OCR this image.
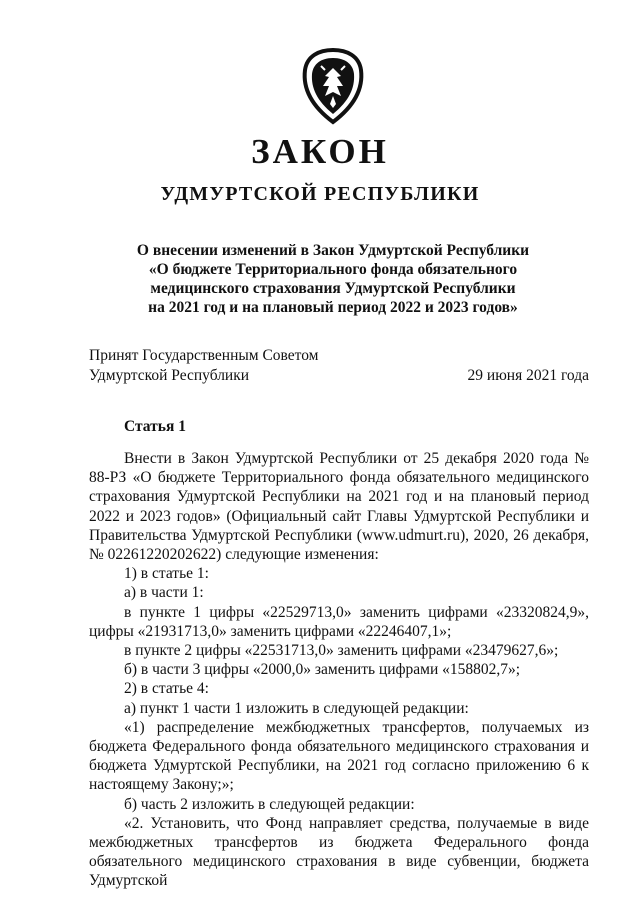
ЗАКОН
УДМУРТСКОЙ РЕСПУБЛИКИ
О внесении изменений в Закон Удмуртской Республики
«О бюджете Территориального фонда обязательного
медицинского страхования Удмуртской Республики
на 2021 год и на плановый период 2022 и 2023 годов»
Принят Государственным Советом
Удмуртской Республики	29 июня 2021 года
Статья 1

Внести в Закон Удмуртской Республики от 25 декабря 2020 года № 88-РЗ «О бюджете Территориального фонда обязательного медицинского страхования Удмуртской Республики на 2021 год и на плановый период 2022 и 2023 годов» (Официальный сайт Главы Удмуртской Республики и Правительства Удмуртской Республики (www.udmurt.ru), 2020, 26 декабря, № 02261220202622) следующие изменения:

1) в статье 1:

а) в части 1:

в пункте 1 цифры «22529713,0» заменить цифрами «23320824,9», цифры «21931713,0» заменить цифрами «22246407,1»;

в пункте 2 цифры «22531713,0» заменить цифрами «23479627,6»;

б) в части 3 цифры «2000,0» заменить цифрами «158802,7»;

2) в статье 4:

а) пункт 1 части 1 изложить в следующей редакции:

«1) распределение межбюджетных трансфертов, получаемых из бюджета Федерального фонда обязательного медицинского страхования и бюджета Удмуртской Республики, на 2021 год согласно приложению 6 к настоящему Закону;»;

б) часть 2 изложить в следующей редакции:

«2. Установить, что Фонд направляет средства, получаемые в виде межбюджетных трансфертов из бюджета Федерального фонда обязательного медицинского страхования в виде субвенции, бюджета Удмуртской
